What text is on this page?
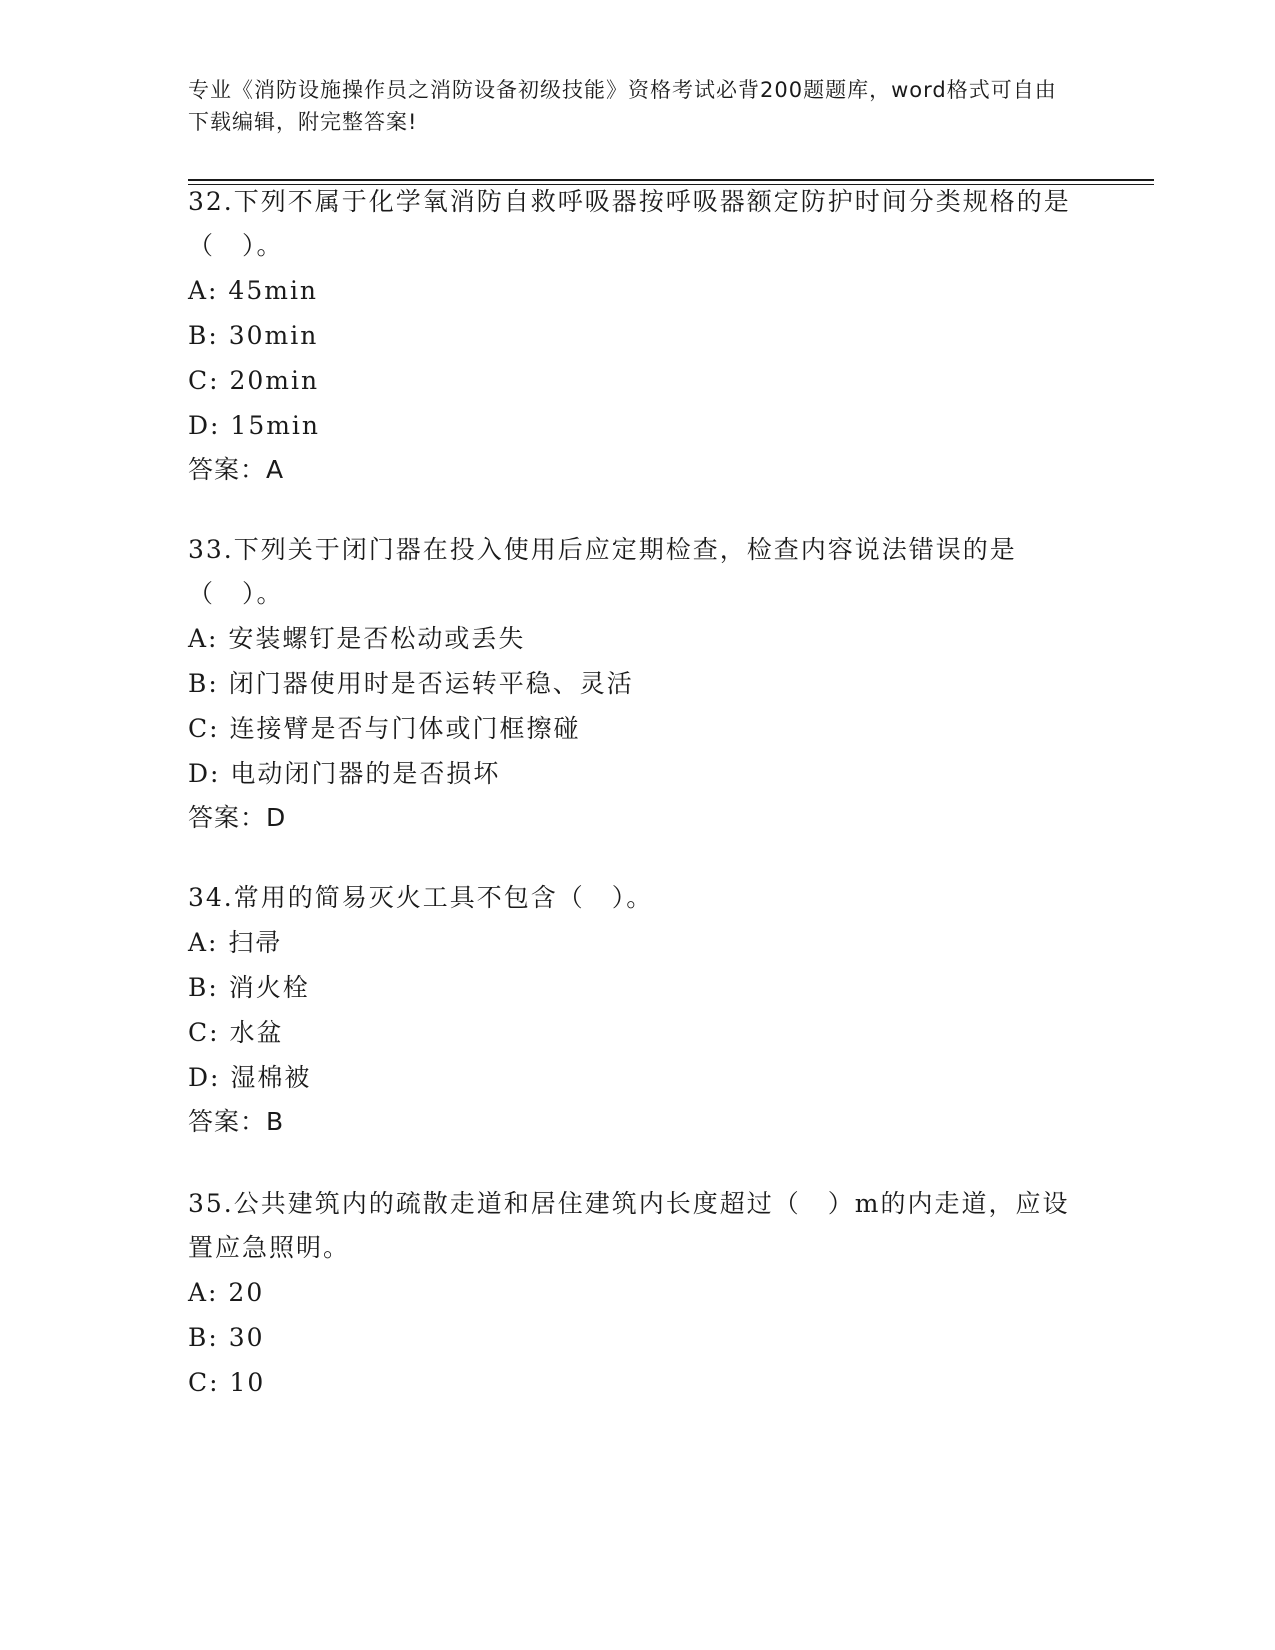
专业《消防设施操作员之消防设备初级技能》资格考试必背200题题库，word格式可自由下载编辑，附完整答案!
32.下列不属于化学氧消防自救呼吸器按呼吸器额定防护时间分类规格的是（　）。
A: 45min
B: 30min
C: 20min
D: 15min
答案：A
33.下列关于闭门器在投入使用后应定期检查，检查内容说法错误的是（　）。
A: 安装螺钉是否松动或丢失
B: 闭门器使用时是否运转平稳、灵活
C: 连接臂是否与门体或门框擦碰
D: 电动闭门器的是否损坏
答案：D
34.常用的简易灭火工具不包含（　）。
A: 扫帚
B: 消火栓
C: 水盆
D: 湿棉被
答案：B
35.公共建筑内的疏散走道和居住建筑内长度超过（　）m的内走道，应设置应急照明。
A: 20
B: 30
C: 10
